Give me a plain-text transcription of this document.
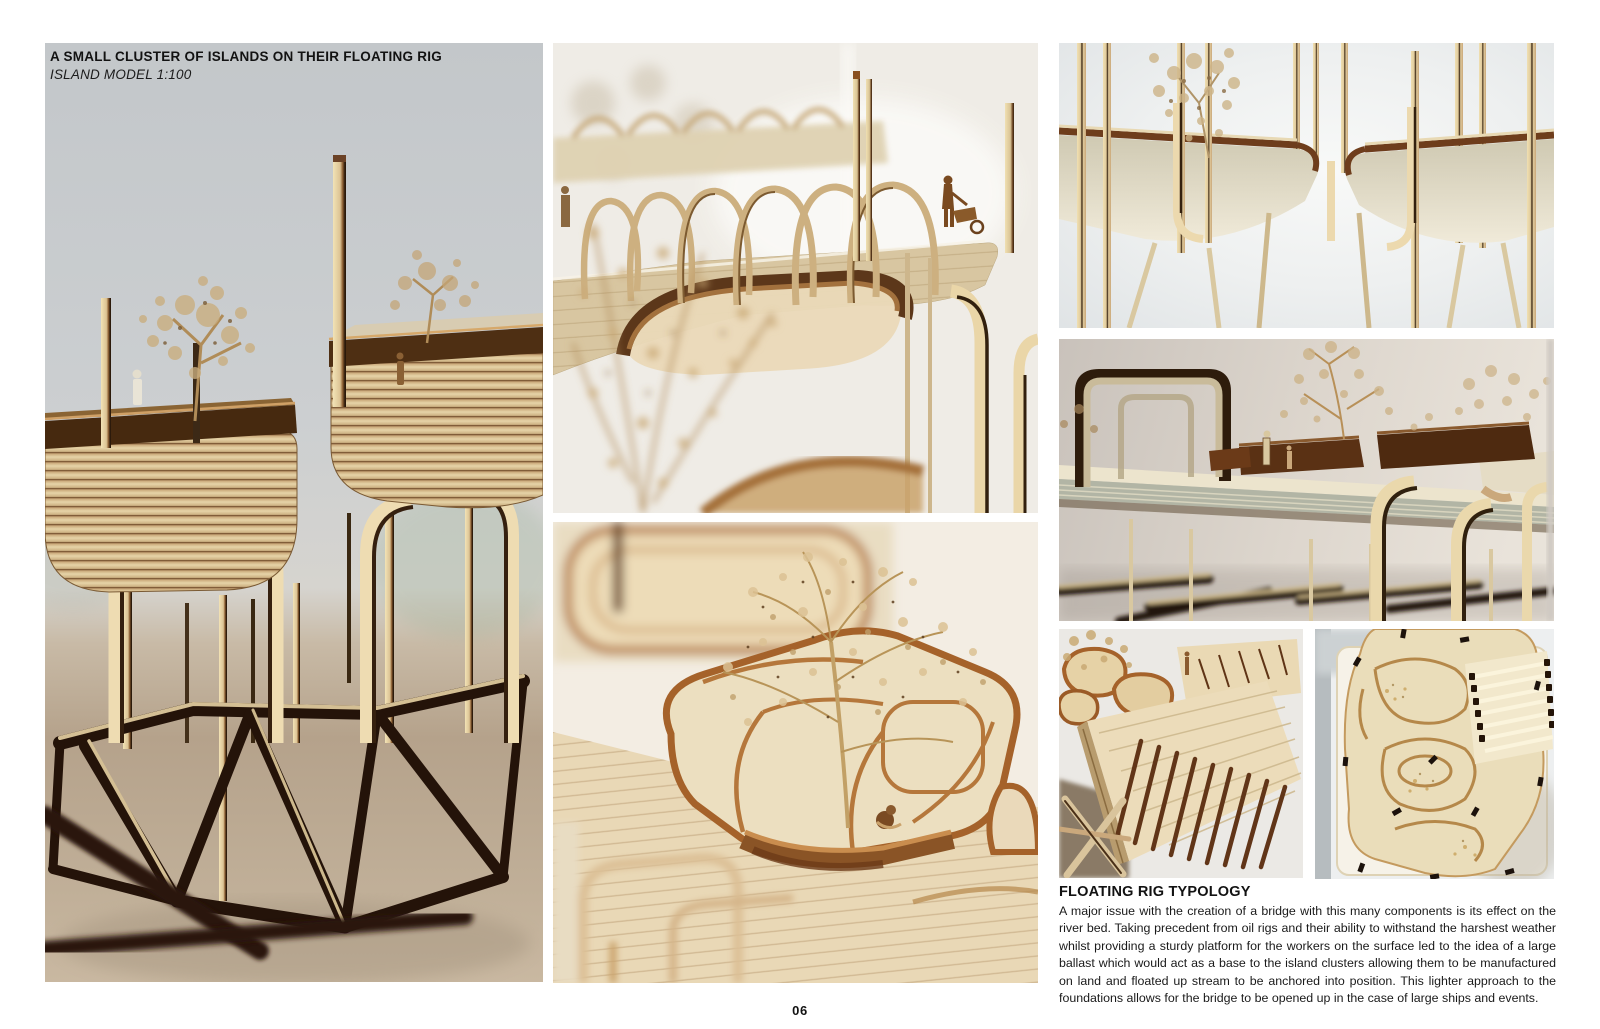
A SMALL CLUSTER OF ISLANDS ON THEIR FLOATING RIG
ISLAND MODEL 1:100
FLOATING RIG TYPOLOGY

A major issue with the creation of a bridge with this many components is its effect on the river bed. Taking precedent from oil rigs and their ability to withstand the harshest weather whilst providing a sturdy platform for the workers on the surface led to the idea of a large ballast which would act as a base to the island clusters allowing them to be manufactured on land and floated up stream to be anchored into position. This lighter approach to the foundations allows for the bridge to be opened up in the case of large ships and events.

06
